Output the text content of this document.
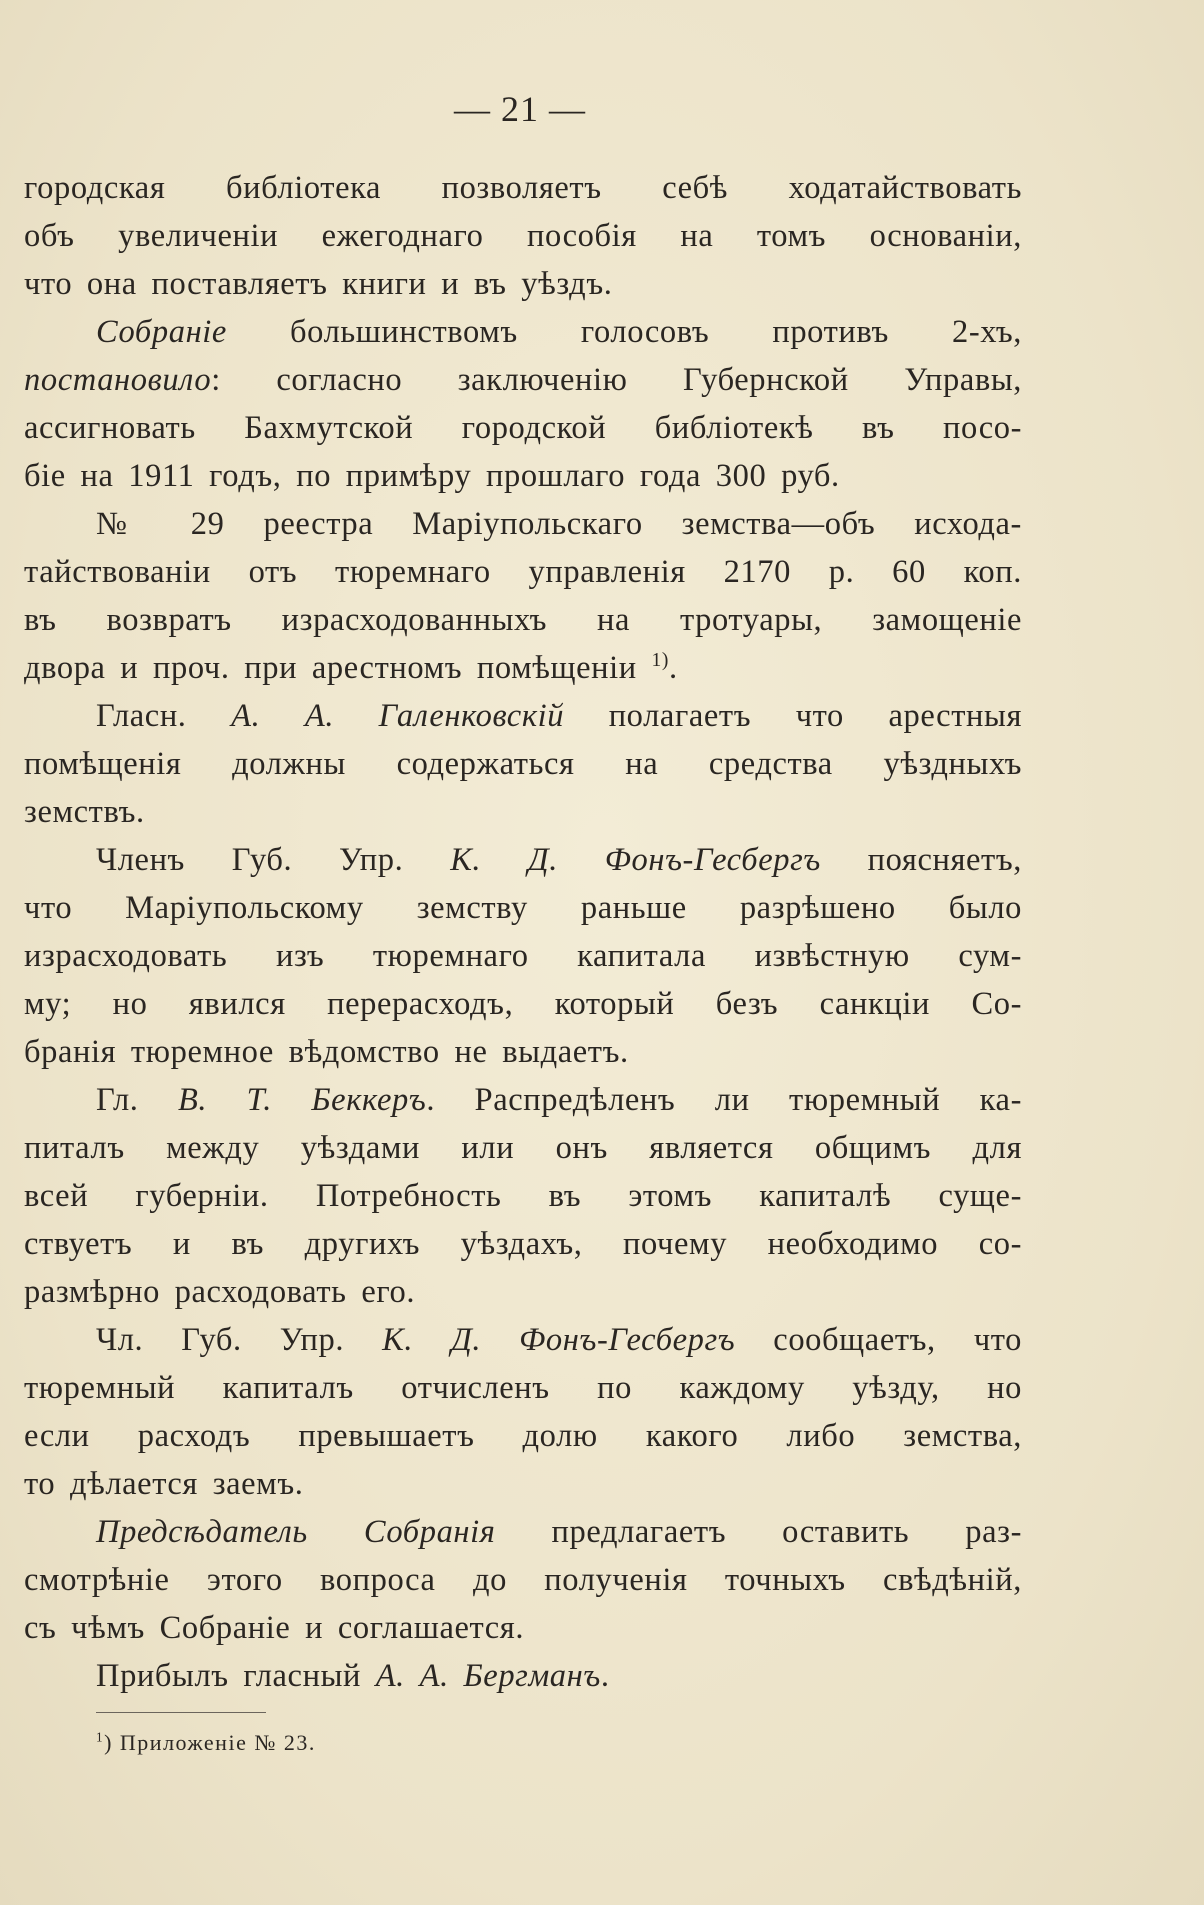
— 21 —
городская библіотека позволяетъ себѣ ходатайствовать
объ увеличеніи ежегоднаго пособія на томъ основаніи,
что она поставляетъ книги и въ уѣздъ.
Собраніе большинствомъ голосовъ противъ 2-хъ,
постановило: согласно заключенію Губернской Управы,
ассигновать Бахмутской городской библіотекѣ въ посо-
біе на 1911 годъ, по примѣру прошлаго года 300 руб.
№ 29 реестра Маріупольскаго земства—объ исхода-
тайствованіи отъ тюремнаго управленія 2170 р. 60 коп.
въ возвратъ израсходованныхъ на тротуары, замощеніе
двора и проч. при арестномъ помѣщеніи $^{1)}$.
Гласн. А. А. Галенковскій полагаетъ что арестныя
помѣщенія должны содержаться на средства уѣздныхъ
земствъ.
Членъ Губ. Упр. К. Д. Фонъ-Гесбергъ поясняетъ,
что Маріупольскому земству раньше разрѣшено было
израсходовать изъ тюремнаго капитала извѣстную сум-
му; но явился перерасходъ, который безъ санкціи Со-
бранія тюремное вѣдомство не выдаетъ.
Гл. В. Т. Беккеръ. Распредѣленъ ли тюремный ка-
питалъ между уѣздами или онъ является общимъ для
всей губерніи. Потребность въ этомъ капиталѣ суще-
ствуетъ и въ другихъ уѣздахъ, почему необходимо со-
размѣрно расходовать его.
Чл. Губ. Упр. К. Д. Фонъ-Гесбергъ сообщаетъ, что
тюремный капиталъ отчисленъ по каждому уѣзду, но
если расходъ превышаетъ долю какого либо земства,
то дѣлается заемъ.
Предсѣдатель Собранія предлагаетъ оставить раз-
смотрѣніе этого вопроса до полученія точныхъ свѣдѣній,
съ чѣмъ Собраніе и соглашается.
Прибылъ гласный А. А. Бергманъ.
$^1$) Приложеніе № 23.
